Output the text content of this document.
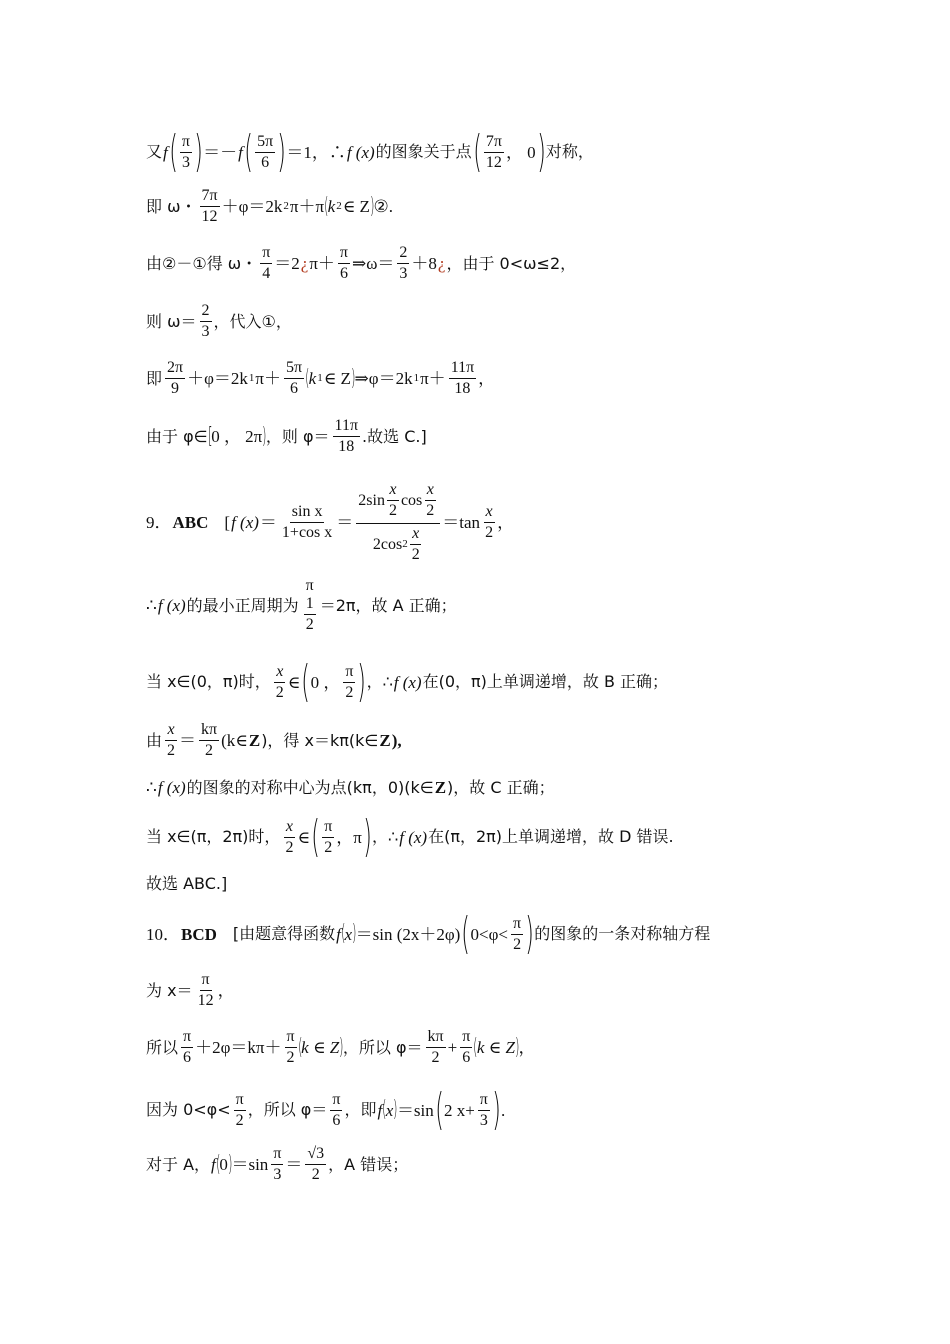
又 f ( $\frac{\pi}{3}$ ) ＝－ f ( $\frac{5\pi}{6}$ ) ＝1，∴ f (x) 的图象关于点 ( $\frac{7\pi}{12}$ ， 0 ) 对称，
即 ω・ $\frac{7\pi}{12} +\varphi=2k$ 2 π＋π ( k 2 ∈ Z ) ②.
由②－①得 ω・ $\frac{\pi}{4} =2$ ¿ $\pi+ \frac{\pi}{6}$ ⇒ω＝ $\frac{2}{3} +8$ ¿ ，由于 0<ω≤2，
则 $\omega= \frac{2}{3}$ ，代入①，
即 $\frac{2\pi}{9} +\varphi=2k$ 1 $\pi+ \frac{5\pi}{6}$ ( k 1 ∈ Z ) ⇒φ＝2k 1 $\pi+ \frac{11\pi}{18}$ ，
由于 φ∈ [ 0 ， 2π ) ，则 $\varphi= \frac{11\pi}{18}$ .故选 C.]
9． ABC [ f $(x) = \frac{\text{sin x}}{\text{1+cos x}} = \frac{2\sin \frac{x}{2} \cos \frac{x}{2}}{2\cos 2 \frac{x}{2}} =\tan \frac{x}{2}$ ，
∴ f (x) 的最小正周期为
π
$\frac{1}{2} =2\pi$，故 A 正确；
当 x∈(0，π)时， $\frac{x}{2}$ ∈ ( 0 ， $\frac{\pi}{2}$ ) ，∴ f (x) 在(0，π)上单调递增，故 B 正确；
由 $\frac{x}{2} = \frac{k\pi}{2}$ (k∈ Z )，得 x＝kπ(k∈ Z ),
∴ f (x) 的图象的对称中心为点(kπ，0)(k∈ Z )，故 C 正确；
当 x∈(π，2π)时， $\frac{x}{2}$ ∈ ( $\frac{\pi}{2}$ ，π ) ，∴ f (x) 在(π，2π)上单调递增，故 D 错误.
故选 ABC.]
10． BCD [由题意得函数 f ( x ) ＝sin (2x＋2φ) ( $0<\varphi< \frac{\pi}{2}$ ) 的图象的一条对称轴方程
为 $x= \frac{\pi}{12}$ ，
所以 $\frac{\pi}{6} +2\varphi=k\pi+ \frac{\pi}{2}$ ( k ∈ Z ) ，所以 $\varphi= \frac{k\pi}{2} + \frac{\pi}{6}$ ( k ∈ Z ) ，
因为 $0<\varphi< \frac{\pi}{2}$ ，所以 $\varphi= \frac{\pi}{6}$ ，即 f ( x ) ＝sin ( 2 $x+ \frac{\pi}{3}$ ) .
对于 A， f ( 0 ) $=\sin \frac{\pi}{3} = \frac{√3}{2}$ ，A 错误；
